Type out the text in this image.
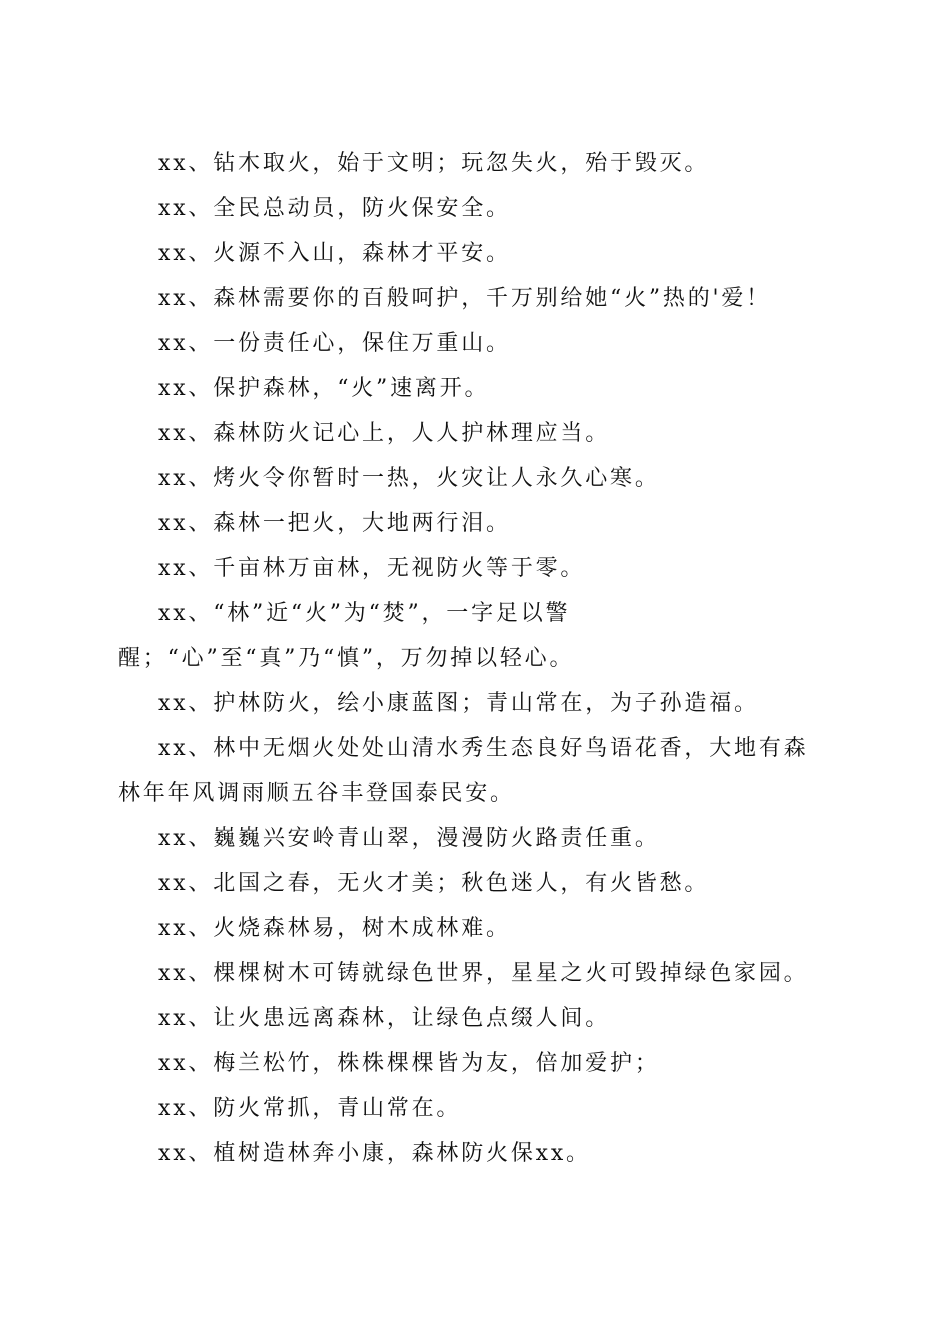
xx、钻木取火，始于文明；玩忽失火，殆于毁灭。

xx、全民总动员，防火保安全。

xx、火源不入山，森林才平安。

xx、森林需要你的百般呵护，千万别给她“火”热的'爱！

xx、一份责任心，保住万重山。

xx、保护森林，“火”速离开。

xx、森林防火记心上，人人护林理应当。

xx、烤火令你暂时一热，火灾让人永久心寒。

xx、森林一把火，大地两行泪。

xx、千亩林万亩林，无视防火等于零。

xx、“林”近“火”为“焚”，一字足以警醒；“心”至“真”乃“慎”，万勿掉以轻心。

xx、护林防火，绘小康蓝图；青山常在，为子孙造福。

xx、林中无烟火处处山清水秀生态良好鸟语花香，大地有森林年年风调雨顺五谷丰登国泰民安。

xx、巍巍兴安岭青山翠，漫漫防火路责任重。

xx、北国之春，无火才美；秋色迷人，有火皆愁。

xx、火烧森林易，树木成林难。

xx、棵棵树木可铸就绿色世界，星星之火可毁掉绿色家园。

xx、让火患远离森林，让绿色点缀人间。

xx、梅兰松竹，株株棵棵皆为友，倍加爱护；

xx、防火常抓，青山常在。

xx、植树造林奔小康，森林防火保xx。
